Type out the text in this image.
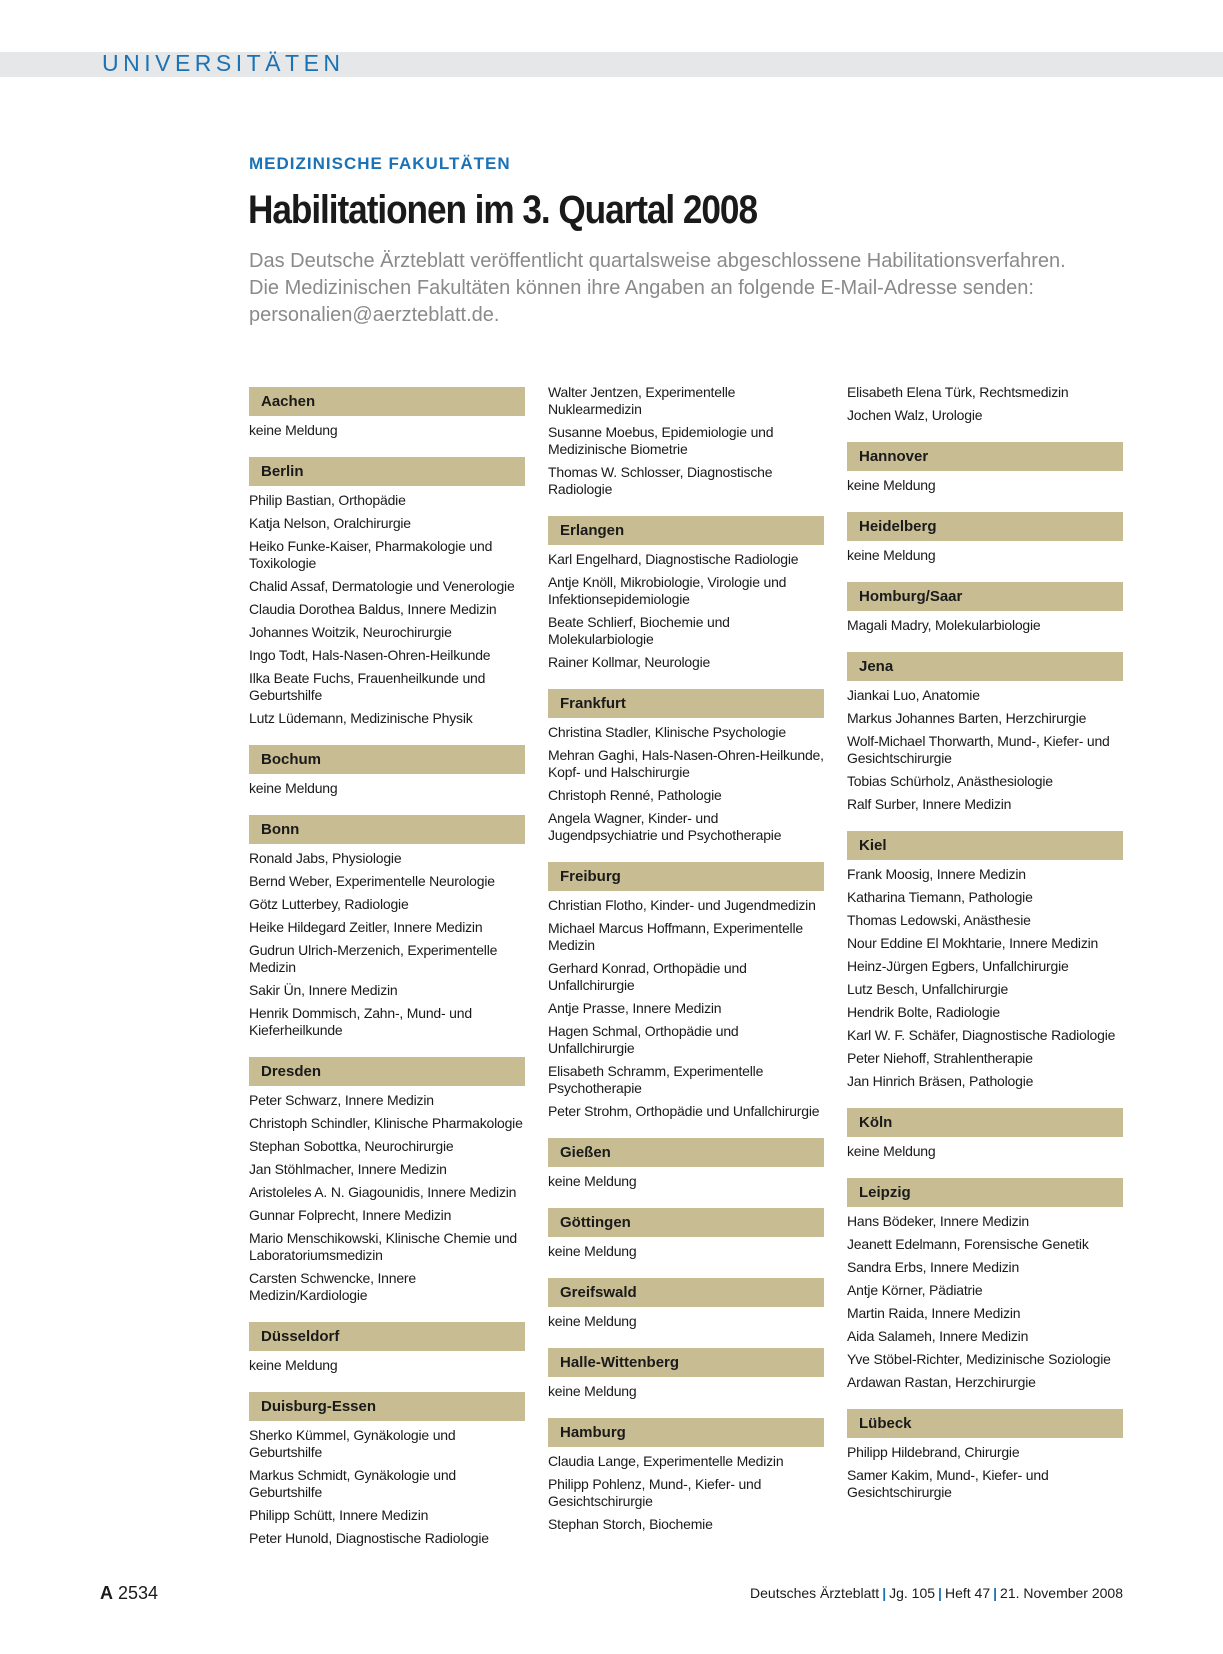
UNIVERSITÄTEN
MEDIZINISCHE FAKULTÄTEN
Habilitationen im 3. Quartal 2008
Das Deutsche Ärzteblatt veröffentlicht quartalsweise abgeschlossene Habilitationsverfahren. Die Medizinischen Fakultäten können ihre Angaben an folgende E-Mail-Adresse senden: personalien@aerzteblatt.de.
Aachen
keine Meldung
Berlin
Philip Bastian, Orthopädie
Katja Nelson, Oralchirurgie
Heiko Funke-Kaiser, Pharmakologie und Toxikologie
Chalid Assaf, Dermatologie und Venerologie
Claudia Dorothea Baldus, Innere Medizin
Johannes Woitzik, Neurochirurgie
Ingo Todt, Hals-Nasen-Ohren-Heilkunde
Ilka Beate Fuchs, Frauenheilkunde und Geburtshilfe
Lutz Lüdemann, Medizinische Physik
Bochum
keine Meldung
Bonn
Ronald Jabs, Physiologie
Bernd Weber, Experimentelle Neurologie
Götz Lutterbey, Radiologie
Heike Hildegard Zeitler, Innere Medizin
Gudrun Ulrich-Merzenich, Experimentelle Medizin
Sakir Ün, Innere Medizin
Henrik Dommisch, Zahn-, Mund- und Kieferheilkunde
Dresden
Peter Schwarz, Innere Medizin
Christoph Schindler, Klinische Pharmakologie
Stephan Sobottka, Neurochirurgie
Jan Stöhlmacher, Innere Medizin
Aristoleles A. N. Giagounidis, Innere Medizin
Gunnar Folprecht, Innere Medizin
Mario Menschikowski, Klinische Chemie und Laboratoriumsmedizin
Carsten Schwencke, Innere Medizin/Kardiologie
Düsseldorf
keine Meldung
Duisburg-Essen
Sherko Kümmel, Gynäkologie und Geburtshilfe
Markus Schmidt, Gynäkologie und Geburtshilfe
Philipp Schütt, Innere Medizin
Peter Hunold, Diagnostische Radiologie
Walter Jentzen, Experimentelle Nuklearmedizin
Susanne Moebus, Epidemiologie und Medizinische Biometrie
Thomas W. Schlosser, Diagnostische Radiologie
Erlangen
Karl Engelhard, Diagnostische Radiologie
Antje Knöll, Mikrobiologie, Virologie und Infektionsepidemiologie
Beate Schlierf, Biochemie und Molekularbiologie
Rainer Kollmar, Neurologie
Frankfurt
Christina Stadler, Klinische Psychologie
Mehran Gaghi, Hals-Nasen-Ohren-Heilkunde, Kopf- und Halschirurgie
Christoph Renné, Pathologie
Angela Wagner, Kinder- und Jugendpsychiatrie und Psychotherapie
Freiburg
Christian Flotho, Kinder- und Jugendmedizin
Michael Marcus Hoffmann, Experimentelle Medizin
Gerhard Konrad, Orthopädie und Unfallchirurgie
Antje Prasse, Innere Medizin
Hagen Schmal, Orthopädie und Unfallchirurgie
Elisabeth Schramm, Experimentelle Psychotherapie
Peter Strohm, Orthopädie und Unfallchirurgie
Gießen
keine Meldung
Göttingen
keine Meldung
Greifswald
keine Meldung
Halle-Wittenberg
keine Meldung
Hamburg
Claudia Lange, Experimentelle Medizin
Philipp Pohlenz, Mund-, Kiefer- und Gesichtschirurgie
Stephan Storch, Biochemie
Elisabeth Elena Türk, Rechtsmedizin
Jochen Walz, Urologie
Hannover
keine Meldung
Heidelberg
keine Meldung
Homburg/Saar
Magali Madry, Molekularbiologie
Jena
Jiankai Luo, Anatomie
Markus Johannes Barten, Herzchirurgie
Wolf-Michael Thorwarth, Mund-, Kiefer- und Gesichtschirurgie
Tobias Schürholz, Anästhesiologie
Ralf Surber, Innere Medizin
Kiel
Frank Moosig, Innere Medizin
Katharina Tiemann, Pathologie
Thomas Ledowski, Anästhesie
Nour Eddine El Mokhtarie, Innere Medizin
Heinz-Jürgen Egbers, Unfallchirurgie
Lutz Besch, Unfallchirurgie
Hendrik Bolte, Radiologie
Karl W. F. Schäfer, Diagnostische Radiologie
Peter Niehoff, Strahlentherapie
Jan Hinrich Bräsen, Pathologie
Köln
keine Meldung
Leipzig
Hans Bödeker, Innere Medizin
Jeanett Edelmann, Forensische Genetik
Sandra Erbs, Innere Medizin
Antje Körner, Pädiatrie
Martin Raida, Innere Medizin
Aida Salameh, Innere Medizin
Yve Stöbel-Richter, Medizinische Soziologie
Ardawan Rastan, Herzchirurgie
Lübeck
Philipp Hildebrand, Chirurgie
Samer Kakim, Mund-, Kiefer- und Gesichtschirurgie
A 2534	Deutsches Ärzteblatt | Jg. 105 | Heft 47 | 21. November 2008
